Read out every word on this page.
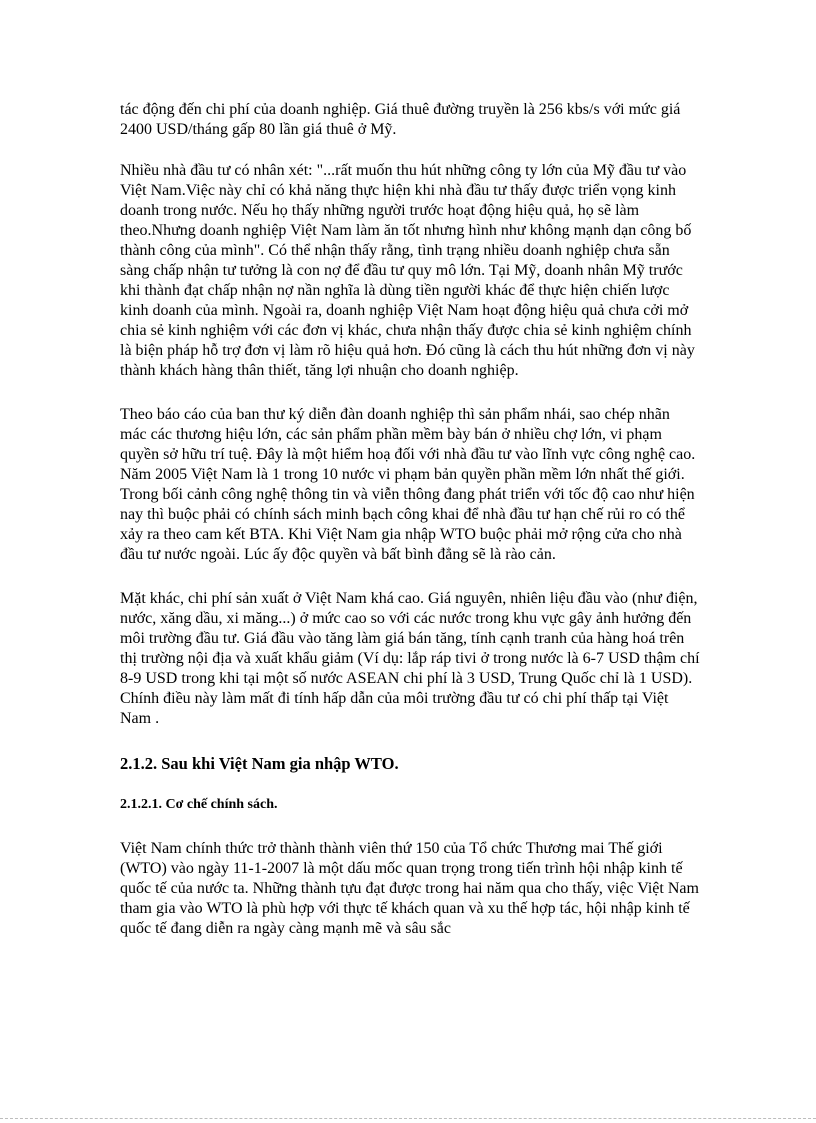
tác động đến chi phí của doanh nghiệp. Giá thuê đường truyền là 256 kbs/s với mức giá 2400 USD/tháng gấp 80 lần giá thuê ở Mỹ.

Nhiều nhà đầu tư có nhân xét: "...rất muốn thu hút những công ty lớn của Mỹ đầu tư vào Việt Nam.Việc này chỉ có khả năng thực hiện khi nhà đầu tư thấy được triển vọng kinh doanh trong nước. Nếu họ thấy những người trước hoạt động hiệu quả, họ sẽ làm theo.Nhưng doanh nghiệp Việt Nam làm ăn tốt nhưng hình như không mạnh dạn công bố thành công của mình". Có thể nhận thấy rằng, tình trạng nhiều doanh nghiệp chưa sẵn sàng chấp nhận tư tưởng là con nợ để đầu tư quy mô lớn. Tại Mỹ, doanh nhân Mỹ trước khi thành đạt chấp nhận nợ nần nghĩa là dùng tiền người khác để thực hiện chiến lược kinh doanh của mình. Ngoài ra, doanh nghiệp Việt Nam hoạt động hiệu quả chưa cởi mở chia sẻ kinh nghiệm với các đơn vị khác, chưa nhận thấy được chia sẻ kinh nghiệm chính là biện pháp hỗ trợ đơn vị làm rõ hiệu quả hơn. Đó cũng là cách thu hút những đơn vị này thành khách hàng thân thiết, tăng lợi nhuận cho doanh nghiệp.

Theo báo cáo của ban thư ký diễn đàn doanh nghiệp thì sản phẩm nhái, sao chép nhãn mác các thương hiệu lớn, các sản phẩm phần mềm bày bán ở nhiều chợ lớn, vi phạm quyền sở hữu trí tuệ. Đây là một hiểm hoạ đối với nhà đầu tư vào lĩnh vực công nghệ cao. Năm 2005 Việt Nam là 1 trong 10 nước vi phạm bản quyền phần mềm lớn nhất thế giới. Trong bối cảnh công nghệ thông tin và viễn thông đang phát triển với tốc độ cao như hiện nay thì buộc phải có chính sách minh bạch công khai để nhà đầu tư hạn chế rủi ro có thể xảy ra theo cam kết BTA. Khi Việt Nam gia nhập WTO buộc phải mở rộng cửa cho nhà đầu tư nước ngoài. Lúc ấy độc quyền và bất bình đẳng sẽ là rào cản.

Mặt khác, chi phí sản xuất ở Việt Nam khá cao. Giá nguyên, nhiên liệu đầu vào (như điện, nước, xăng dầu, xi măng...) ở mức cao so với các nước trong khu vực gây ảnh hưởng đến môi trường đầu tư. Giá đầu vào tăng làm giá bán tăng, tính cạnh tranh của hàng hoá trên thị trường nội địa và xuất khẩu giảm (Ví dụ: lắp ráp tivi ở trong nước là 6-7 USD thậm chí 8-9 USD trong khi tại một số nước ASEAN chi phí là 3 USD, Trung Quốc chỉ là 1 USD). Chính điều này làm mất đi tính hấp dẫn của môi trường đầu tư có chi phí thấp tại Việt Nam .

2.1.2. Sau khi Việt Nam gia nhập WTO.
2.1.2.1. Cơ chế chính sách.

Việt Nam chính thức trở thành thành viên thứ 150 của Tổ chức Thương mai Thế giới (WTO) vào ngày 11-1-2007 là một dấu mốc quan trọng trong tiến trình hội nhập kinh tế quốc tế của nước ta. Những thành tựu đạt được trong hai năm qua cho thấy, việc Việt Nam tham gia vào WTO là phù hợp với thực tế khách quan và xu thế hợp tác, hội nhập kinh tế quốc tế đang diễn ra ngày càng mạnh mẽ và sâu sắc
